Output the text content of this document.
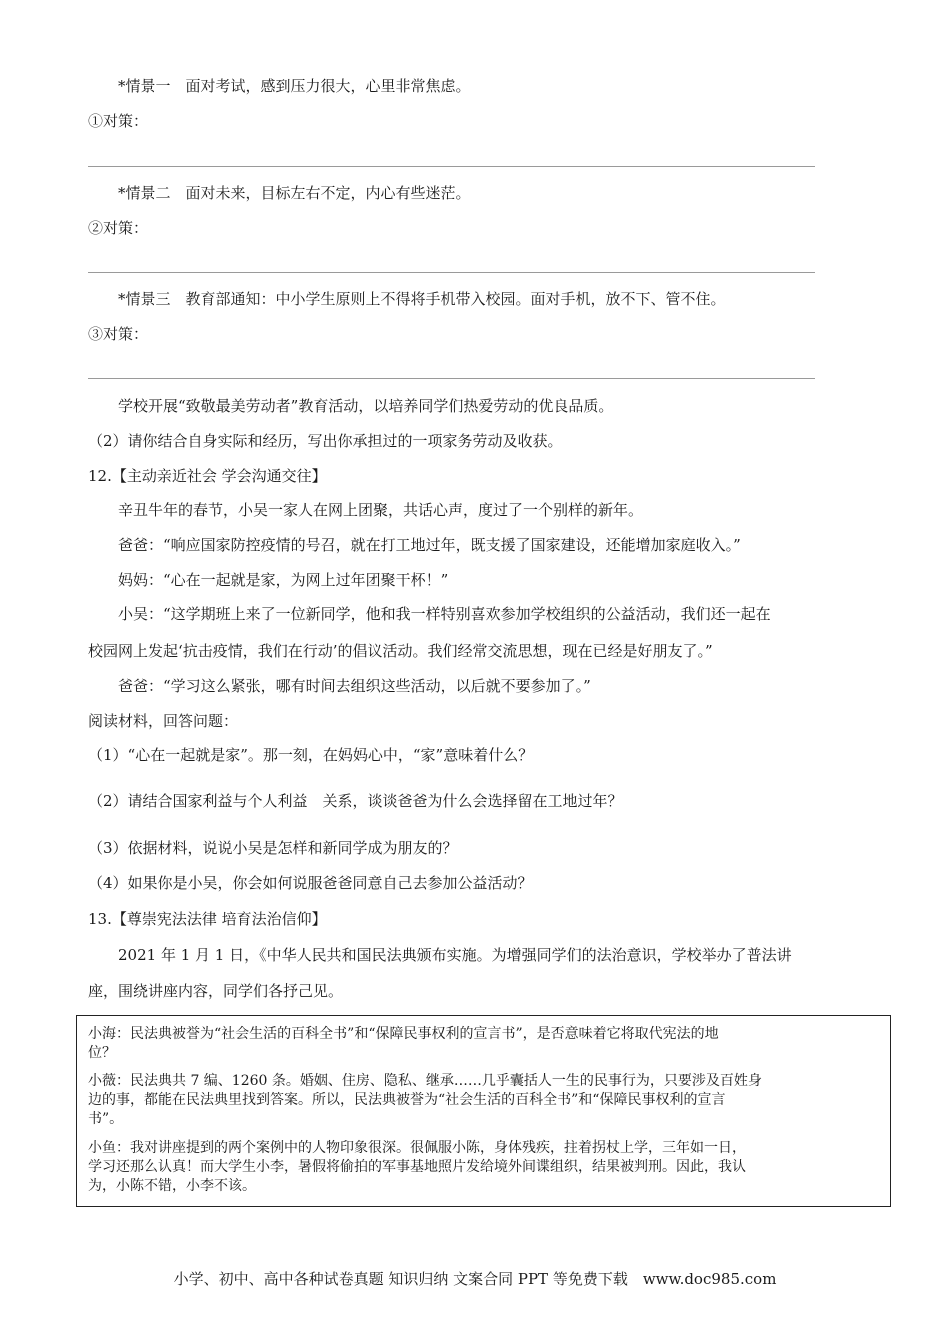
*情景一　面对考试，感到压力很大，心里非常焦虑。
①对策：
*情景二　面对未来，目标左右不定，内心有些迷茫。
②对策：
*情景三　教育部通知：中小学生原则上不得将手机带入校园。面对手机，放不下、管不住。
③对策：
学校开展“致敬最美劳动者”教育活动，以培养同学们热爱劳动的优良品质。
（2）请你结合自身实际和经历，写出你承担过的一项家务劳动及收获。
12.【主动亲近社会 学会沟通交往】
辛丑牛年的春节，小吴一家人在网上团聚，共话心声，度过了一个别样的新年。
爸爸：“响应国家防控疫情的号召，就在打工地过年，既支援了国家建设，还能增加家庭收入。”
妈妈：“心在一起就是家，为网上过年团聚干杯！”
小吴：“这学期班上来了一位新同学，他和我一样特别喜欢参加学校组织的公益活动，我们还一起在
校园网上发起‘抗击疫情，我们在行动’的倡议活动。我们经常交流思想，现在已经是好朋友了。”
爸爸：“学习这么紧张，哪有时间去组织这些活动，以后就不要参加了。”
阅读材料，回答问题：
（1）“心在一起就是家”。那一刻，在妈妈心中，“家”意味着什么？
（2）请结合国家利益与个人利益　关系，谈谈爸爸为什么会选择留在工地过年？
（3）依据材料，说说小吴是怎样和新同学成为朋友的？
（4）如果你是小吴，你会如何说服爸爸同意自己去参加公益活动？
13.【尊崇宪法法律 培育法治信仰】
2021 年 1 月 1 日，《中华人民共和国民法典颁布实施。为增强同学们的法治意识，学校举办了普法讲
座，围绕讲座内容，同学们各抒己见。
小海：民法典被誉为“社会生活的百科全书”和“保障民事权利的宣言书”，是否意味着它将取代宪法的地
位？
小薇：民法典共 7 编、1260 条。婚姻、住房、隐私、继承……几乎囊括人一生的民事行为，只要涉及百姓身
边的事，都能在民法典里找到答案。所以，民法典被誉为“社会生活的百科全书”和“保障民事权利的宣言
书”。
小鱼：我对讲座提到的两个案例中的人物印象很深。很佩服小陈，身体残疾，拄着拐杖上学，三年如一日，
学习还那么认真！而大学生小李，暑假将偷拍的军事基地照片发给境外间谍组织，结果被判刑。因此，我认
为，小陈不错，小李不该。
小学、初中、高中各种试卷真题 知识归纳 文案合同 PPT 等免费下载　www.doc985.com
